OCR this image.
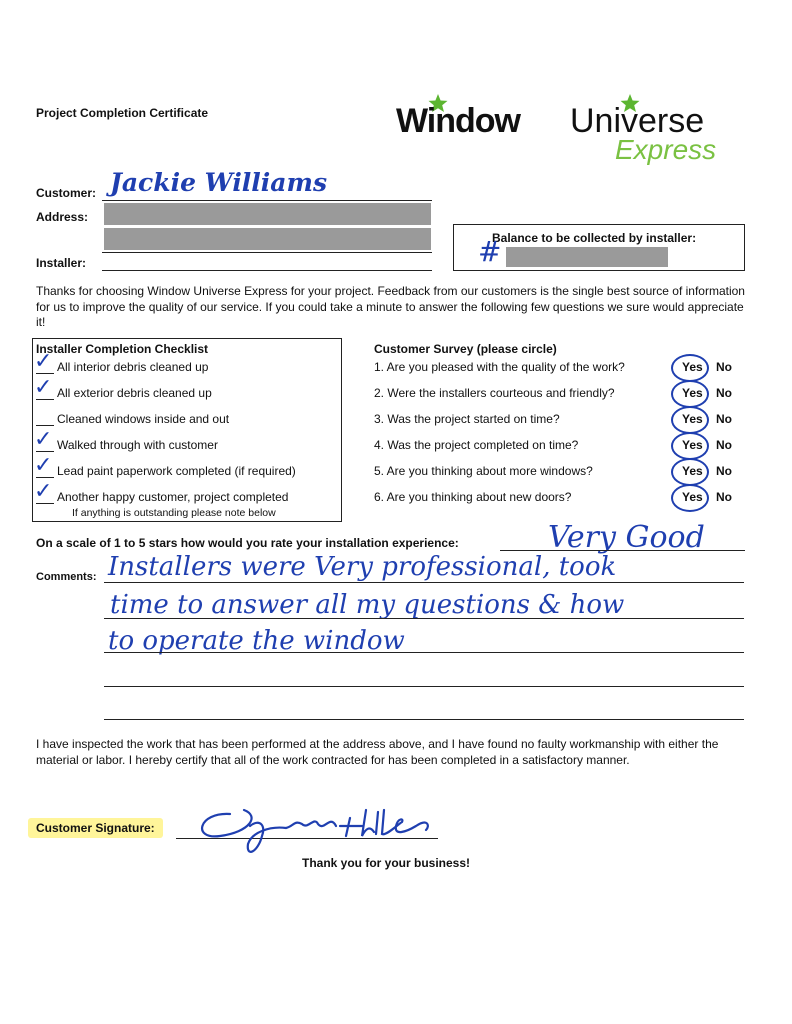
Project Completion Certificate	Window Universe
Express
Customer: Jackie Williams
Address:
Installer:
Balance to be collected by installer:
#
Thanks for choosing Window Universe Express for your project. Feedback from our customers is the single best source of information for us to improve the quality of our service. If you could take a minute to answer the following few questions we sure would appreciate it!
Installer Completion Checklist
✓ All interior debris cleaned up
✓ All exterior debris cleaned up
Cleaned windows inside and out
✓ Walked through with customer
✓ Lead paint paperwork completed (if required)
✓ Another happy customer, project completed
If anything is outstanding please note below
Customer Survey (please circle)
1. Are you pleased with the quality of the work?
2. Were the installers courteous and friendly?
3. Was the project started on time?
4. Was the project completed on time?
5. Are you thinking about more windows?
6. Are you thinking about new doors?
Yes
Yes
Yes
Yes
Yes
Yes
No
No
No
No
No
No
On a scale of 1 to 5 stars how would you rate your installation experience:	Very Good
Comments: Installers were Very professional, took
time to answer all my questions & how
to operate the window
I have inspected the work that has been performed at the address above, and I have found no faulty workmanship with either the material or labor. I hereby certify that all of the work contracted for has been completed in a satisfactory manner.
Customer Signature:
Thank you for your business!
